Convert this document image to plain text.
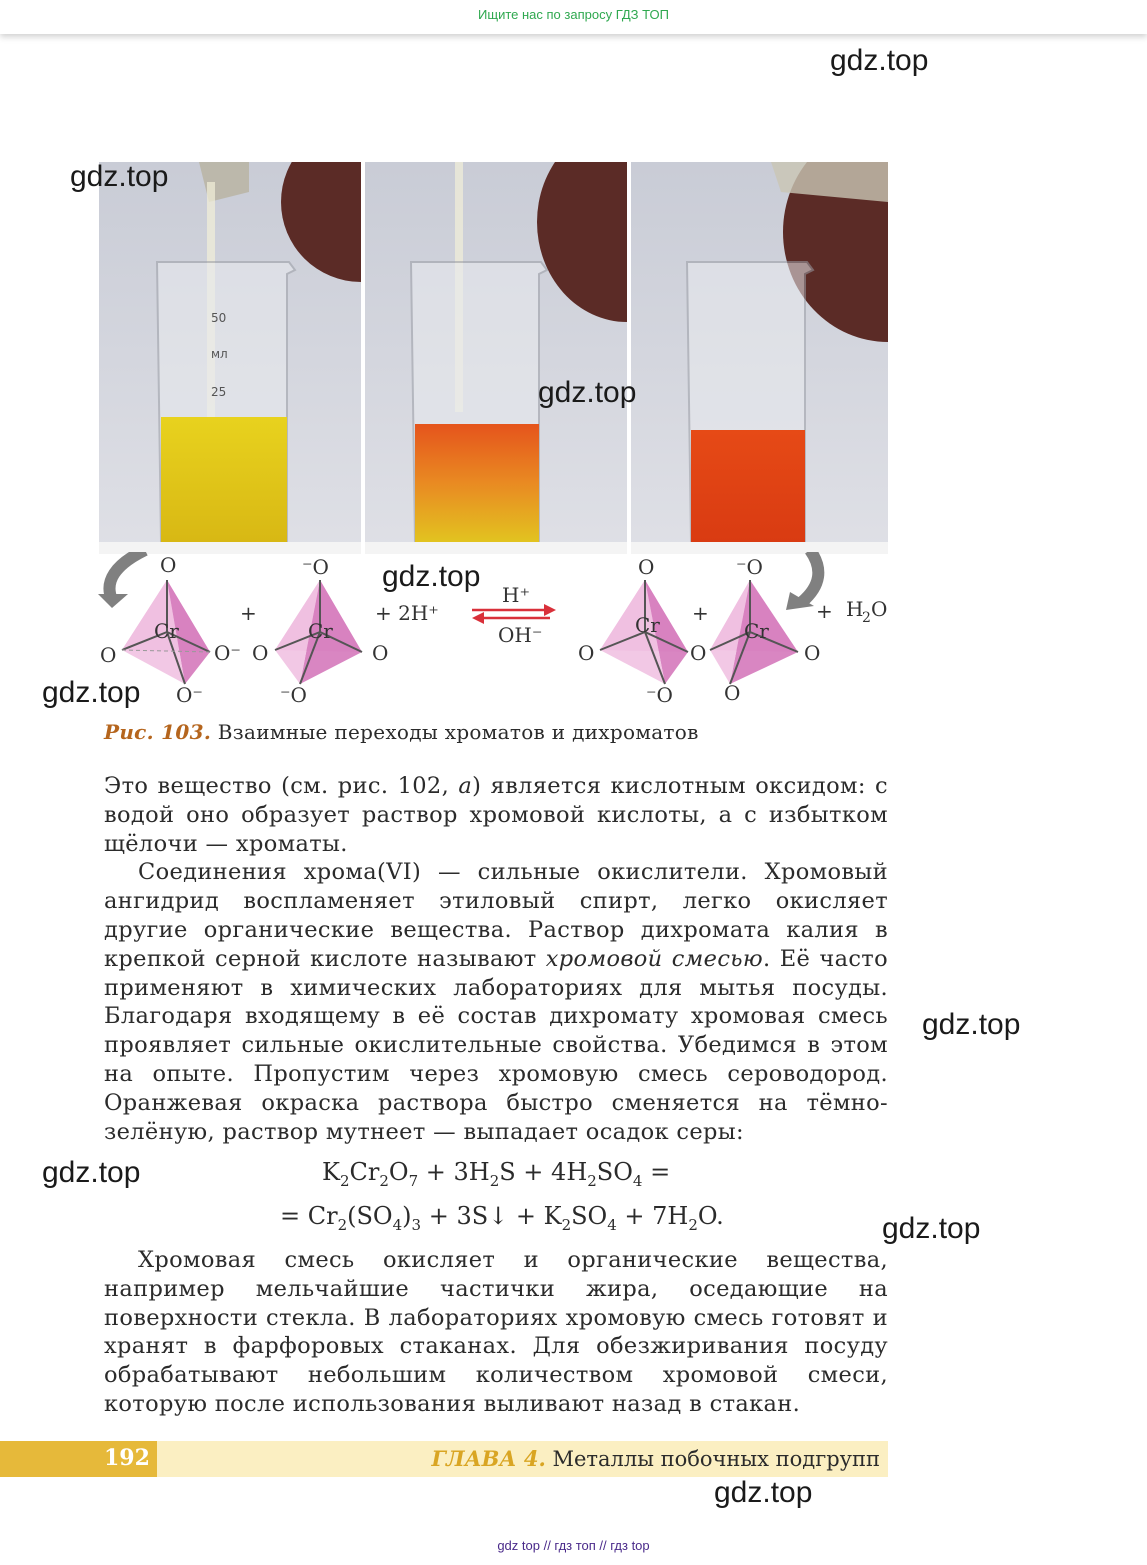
Ищите нас по запросу ГДЗ ТОП
50
мл
25
Cr
O
O	O⁻
O⁻
+
Cr
⁻O
O	O
⁻O
+ 2H⁺
H⁺
OH⁻	Cr
O
O
⁻O
+
O
Cr
⁻O
O
O
+ H
2 O
Рис. 103. Взаимные переходы хроматов и дихроматов

Это вещество (см. рис. 102, а) является кислотным оксидом: с водой оно образует раствор хромовой кислоты, а с избытком щёлочи — хроматы.

Соединения хрома(VI) — сильные окислители. Хромовый ангидрид воспламеняет этиловый спирт, легко окисляет другие органические вещества. Раствор дихромата калия в крепкой серной кислоте называют хромовой смесью. Её часто применяют в химических лабораториях для мытья посуды. Благодаря входящему в её состав дихромату хромовая смесь проявляет сильные окислительные свойства. Убедимся в этом на опыте. Пропустим через хромовую смесь сероводород. Оранжевая окраска раствора быстро сменяется на тёмно-зелёную, раствор мутнеет — выпадает осадок серы:

$K_2Cr_2O_7 + 3H_2S + 4H_2SO_4$ =
= $Cr_2(SO_4)_3$ + 3S↓ + $K_2SO_4 + 7H_2O$.

Хромовая смесь окисляет и органические вещества, например мельчайшие частички жира, оседающие на поверхности стекла. В лабораториях хромовую смесь готовят и хранят в фарфоровых стаканах. Для обезжиривания посуду обрабатывают небольшим количеством хромовой смеси, которую после использования выливают назад в стакан.

192	ГЛАВА 4. Металлы побочных подгрупп
gdz top // гдз топ // гдз top
gdz.top
gdz.top
gdz.top
gdz.top
gdz.top
gdz.top
gdz.top
gdz.top
gdz.top
